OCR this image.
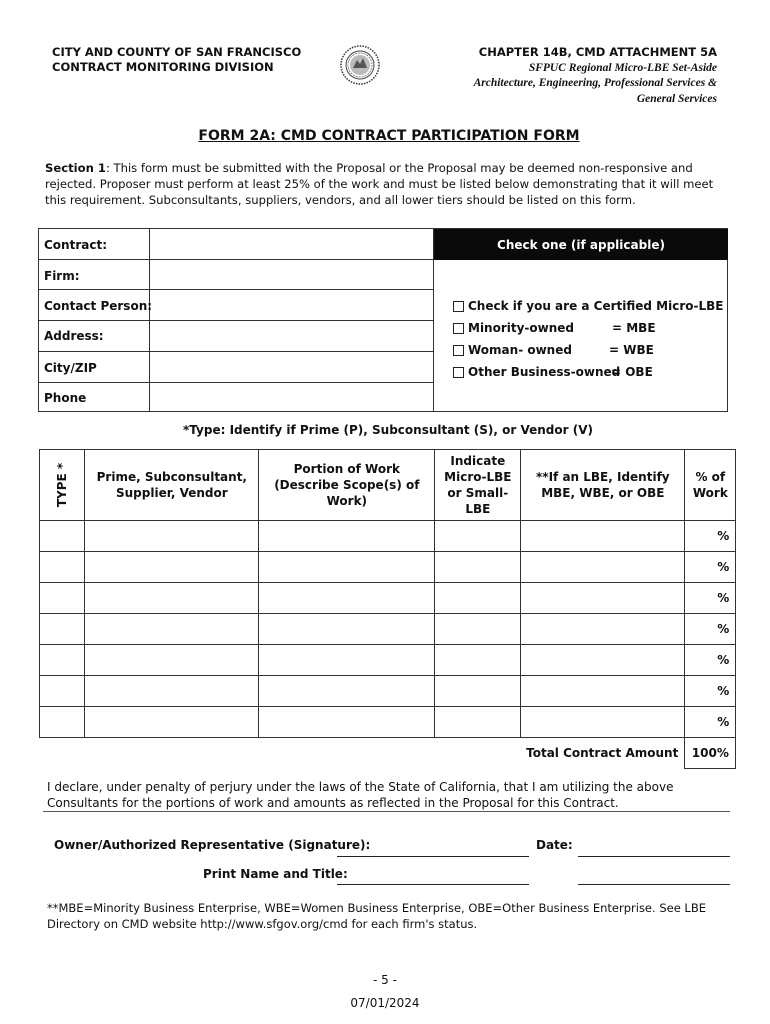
CITY AND COUNTY OF SAN FRANCISCO
CONTRACT MONITORING DIVISION
CHAPTER 14B, CMD ATTACHMENT 5A
SFPUC Regional Micro-LBE Set-Aside
Architecture, Engineering, Professional Services &
General Services
FORM 2A: CMD CONTRACT PARTICIPATION FORM
Section 1: This form must be submitted with the Proposal or the Proposal may be deemed non-responsive and rejected. Proposer must perform at least 25% of the work and must be listed below demonstrating that it will meet this requirement. Subconsultants, suppliers, vendors, and all lower tiers should be listed on this form.
Contract:
Firm:
Contact Person:
Address:
City/ZIP
Phone
Check one (if applicable)
Check if you are a Certified Micro-LBE
Minority-owned	= MBE
Woman- owned	= WBE
Other Business-owned
= OBE
*Type: Identify if Prime (P), Subconsultant (S), or Vendor (V)
TYPE *	Prime, Subconsultant, Supplier, Vendor	Portion of Work (Describe Scope(s) of Work)	Indicate Micro-LBE or Small-LBE	**If an LBE, Identify MBE, WBE, or OBE	% of Work
					%
					%
					%
					%
					%
					%
					%
Total Contract Amount					100%
I declare, under penalty of perjury under the laws of the State of California, that I am utilizing the above Consultants for the portions of work and amounts as reflected in the Proposal for this Contract.
Owner/Authorized Representative (Signature):	Date:
Print Name and Title:
**MBE=Minority Business Enterprise, WBE=Women Business Enterprise, OBE=Other Business Enterprise. See LBE Directory on CMD website http://www.sfgov.org/cmd for each firm's status.
- 5 -
07/01/2024
